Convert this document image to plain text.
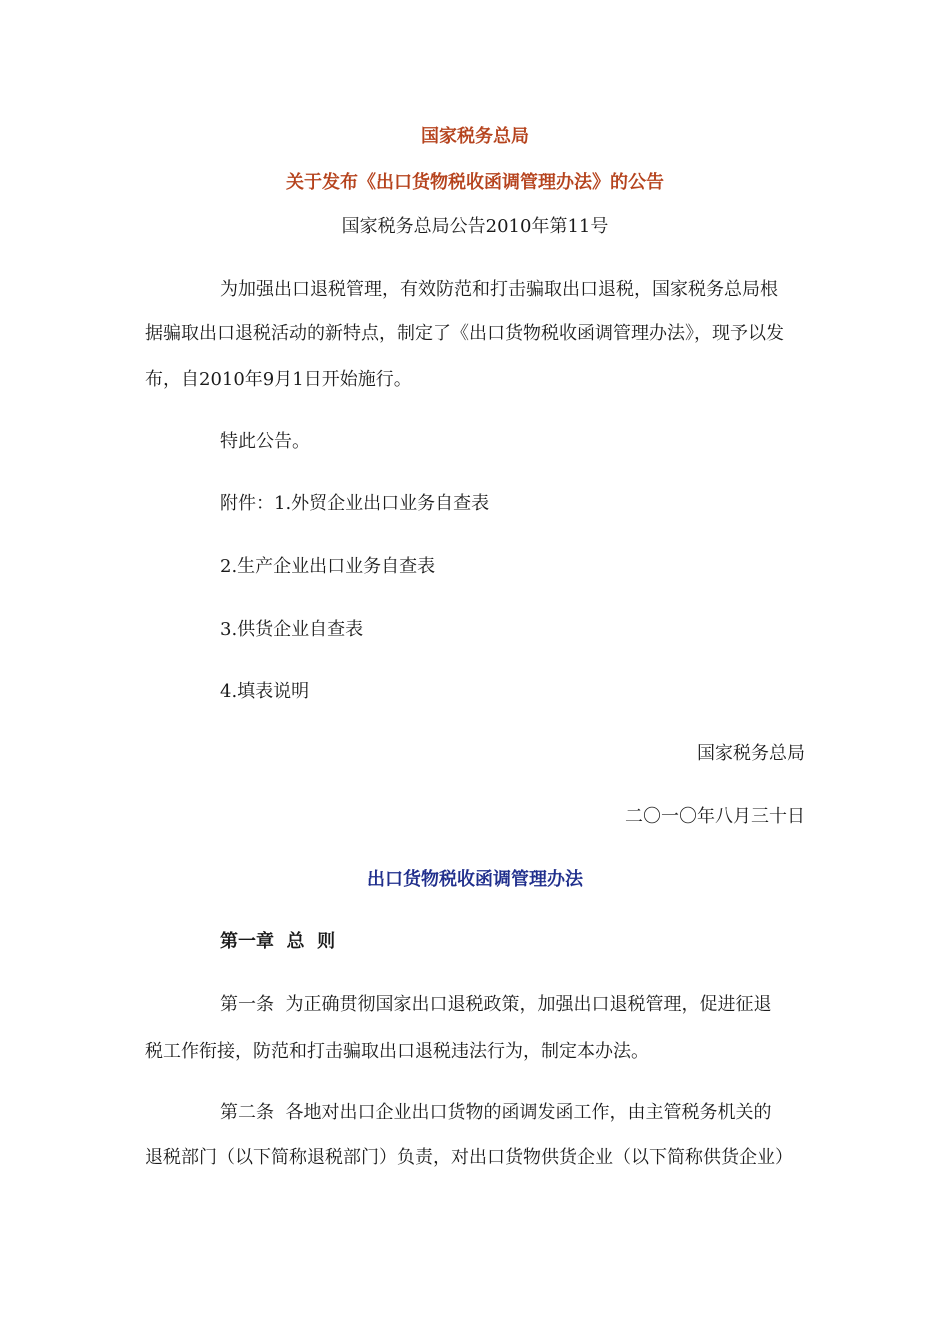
国家税务总局
关于发布《出口货物税收函调管理办法》的公告
国家税务总局公告2010年第11号
为加强出口退税管理，有效防范和打击骗取出口退税，国家税务总局根
据骗取出口退税活动的新特点，制定了《出口货物税收函调管理办法》，现予以发
布，自2010年9月1日开始施行。
特此公告。
附件：1.外贸企业出口业务自查表
2.生产企业出口业务自查表
3.供货企业自查表
4.填表说明
国家税务总局
二〇一〇年八月三十日
出口货物税收函调管理办法
第一章  总  则
第一条  为正确贯彻国家出口退税政策，加强出口退税管理，促进征退
税工作衔接，防范和打击骗取出口退税违法行为，制定本办法。
第二条  各地对出口企业出口货物的函调发函工作，由主管税务机关的
退税部门（以下简称退税部门）负责，对出口货物供货企业（以下简称供货企业）
